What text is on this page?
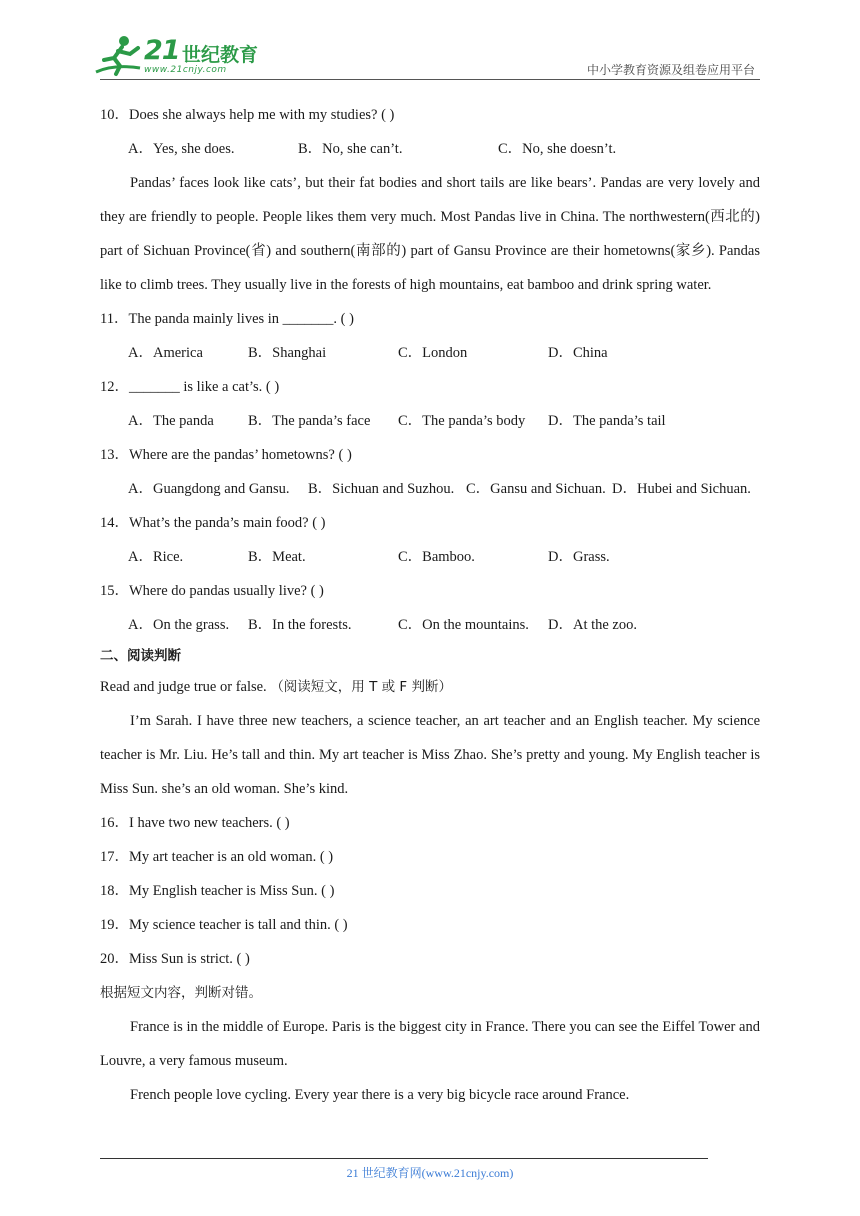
21 世纪教育
www.21cnjy.com	中小学教育资源及组卷应用平台
10．Does she always help me with my studies? ( )
A．Yes, she does.	B．No, she can’t.	C．No, she doesn’t.

Pandas’ faces look like cats’, but their fat bodies and short tails are like bears’. Pandas are very lovely and they are friendly to people. People likes them very much. Most Pandas live in China. The northwestern(西北的) part of Sichuan Province(省) and southern(南部的) part of Gansu Province are their hometowns(家乡). Pandas like to climb trees. They usually live in the forests of high mountains, eat bamboo and drink spring water.

11．The panda mainly lives in _______. ( )
A．America	B．Shanghai	C．London	D．China
12．_______ is like a cat’s. ( )
A．The panda B．The panda’s face C．The panda’s body D．The panda’s tail
13．Where are the pandas’ hometowns? ( )
A．Guangdong and Gansu. B．Sichuan and Suzhou. C．Gansu and Sichuan. D．Hubei and Sichuan.
14．What’s the panda’s main food? ( )
A．Rice.	B．Meat.	C．Bamboo.	D．Grass.
15．Where do pandas usually live? ( )
A．On the grass. B．In the forests.	C．On the mountains. D．At the zoo.
二、阅读判断
Read and judge true or false. （阅读短文，用 T 或 F 判断）

I’m Sarah. I have three new teachers, a science teacher, an art teacher and an English teacher. My science teacher is Mr. Liu. He’s tall and thin. My art teacher is Miss Zhao. She’s pretty and young. My English teacher is Miss Sun. she’s an old woman. She’s kind.

16．I have two new teachers. ( )
17．My art teacher is an old woman. ( )
18．My English teacher is Miss Sun. ( )
19．My science teacher is tall and thin. ( )
20．Miss Sun is strict. ( )
根据短文内容，判断对错。

France is in the middle of Europe. Paris is the biggest city in France. There you can see the Eiffel Tower and Louvre, a very famous museum.

French people love cycling. Every year there is a very big bicycle race around France.

21 世纪教育网(www.21cnjy.com)
